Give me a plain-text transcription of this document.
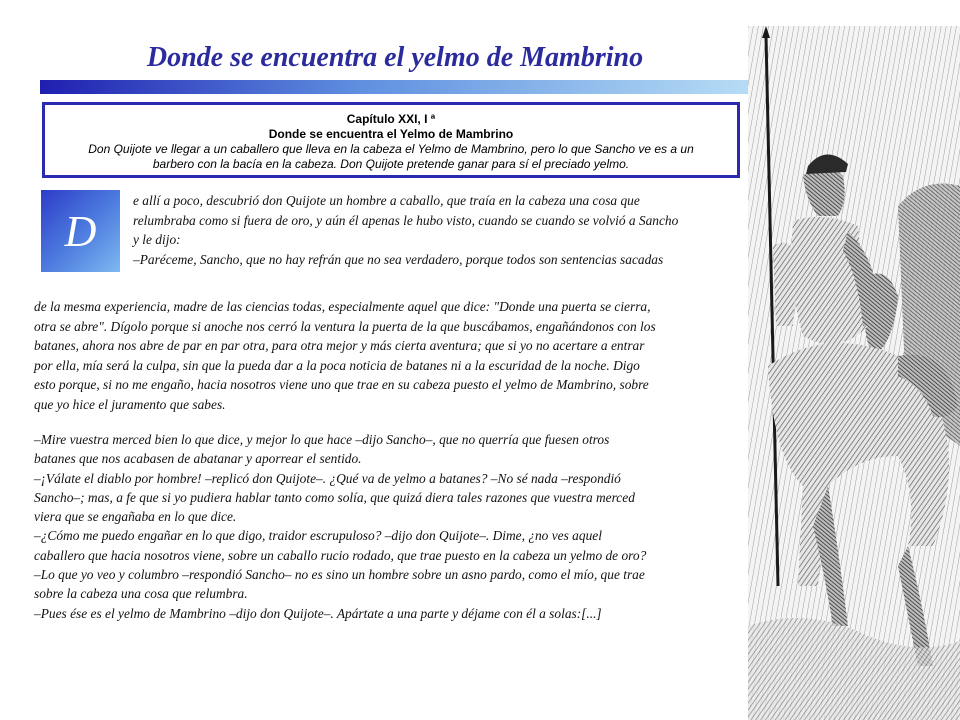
Donde se encuentra el yelmo de Mambrino
Capítulo XXI, I ª
Donde se encuentra el Yelmo de Mambrino
Don Quijote ve llegar a un caballero que lleva en la cabeza el Yelmo de Mambrino, pero lo que Sancho ve es a un
barbero con la bacía en la cabeza. Don Quijote pretende ganar para sí el preciado yelmo.
D
e allí a poco, descubrió don Quijote un hombre a caballo, que traía en la cabeza una cosa que
relumbraba como si fuera de oro, y aún él apenas le hubo visto, cuando se cuando se volvió a Sancho
y le dijo:
–Paréceme, Sancho, que no hay refrán que no sea verdadero, porque todos son sentencias sacadas
de la mesma experiencia, madre de las ciencias todas, especialmente aquel que dice: "Donde una puerta se cierra,
otra se abre". Dígolo porque si anoche nos cerró la ventura la puerta de la que buscábamos, engañándonos con los
batanes, ahora nos abre de par en par otra, para otra mejor y más cierta aventura; que si yo no acertare a entrar
por ella, mía será la culpa, sin que la pueda dar a la poca noticia de batanes ni a la escuridad de la noche. Digo
esto porque, si no me engaño, hacia nosotros viene uno que trae en su cabeza puesto el yelmo de Mambrino, sobre
que yo hice el juramento que sabes.
–Mire vuestra merced bien lo que dice, y mejor lo que hace –dijo Sancho–, que no querría que fuesen otros
batanes que nos acabasen de abatanar y aporrear el sentido.
–¡Válate el diablo por hombre! –replicó don Quijote–. ¿Qué va de yelmo a batanes? –No sé nada –respondió
Sancho–; mas, a fe que si yo pudiera hablar tanto como solía, que quizá diera tales razones que vuestra merced
viera que se engañaba en lo que dice.
–¿Cómo me puedo engañar en lo que digo, traidor escrupuloso? –dijo don Quijote–. Dime, ¿no ves aquel
caballero que hacia nosotros viene, sobre un caballo rucio rodado, que trae puesto en la cabeza un yelmo de oro?
–Lo que yo veo y columbro –respondió Sancho– no es sino un hombre sobre un asno pardo, como el mío, que trae
sobre la cabeza una cosa que relumbra.
–Pues ése es el yelmo de Mambrino –dijo don Quijote–. Apártate a una parte y déjame con él a solas:[...]
